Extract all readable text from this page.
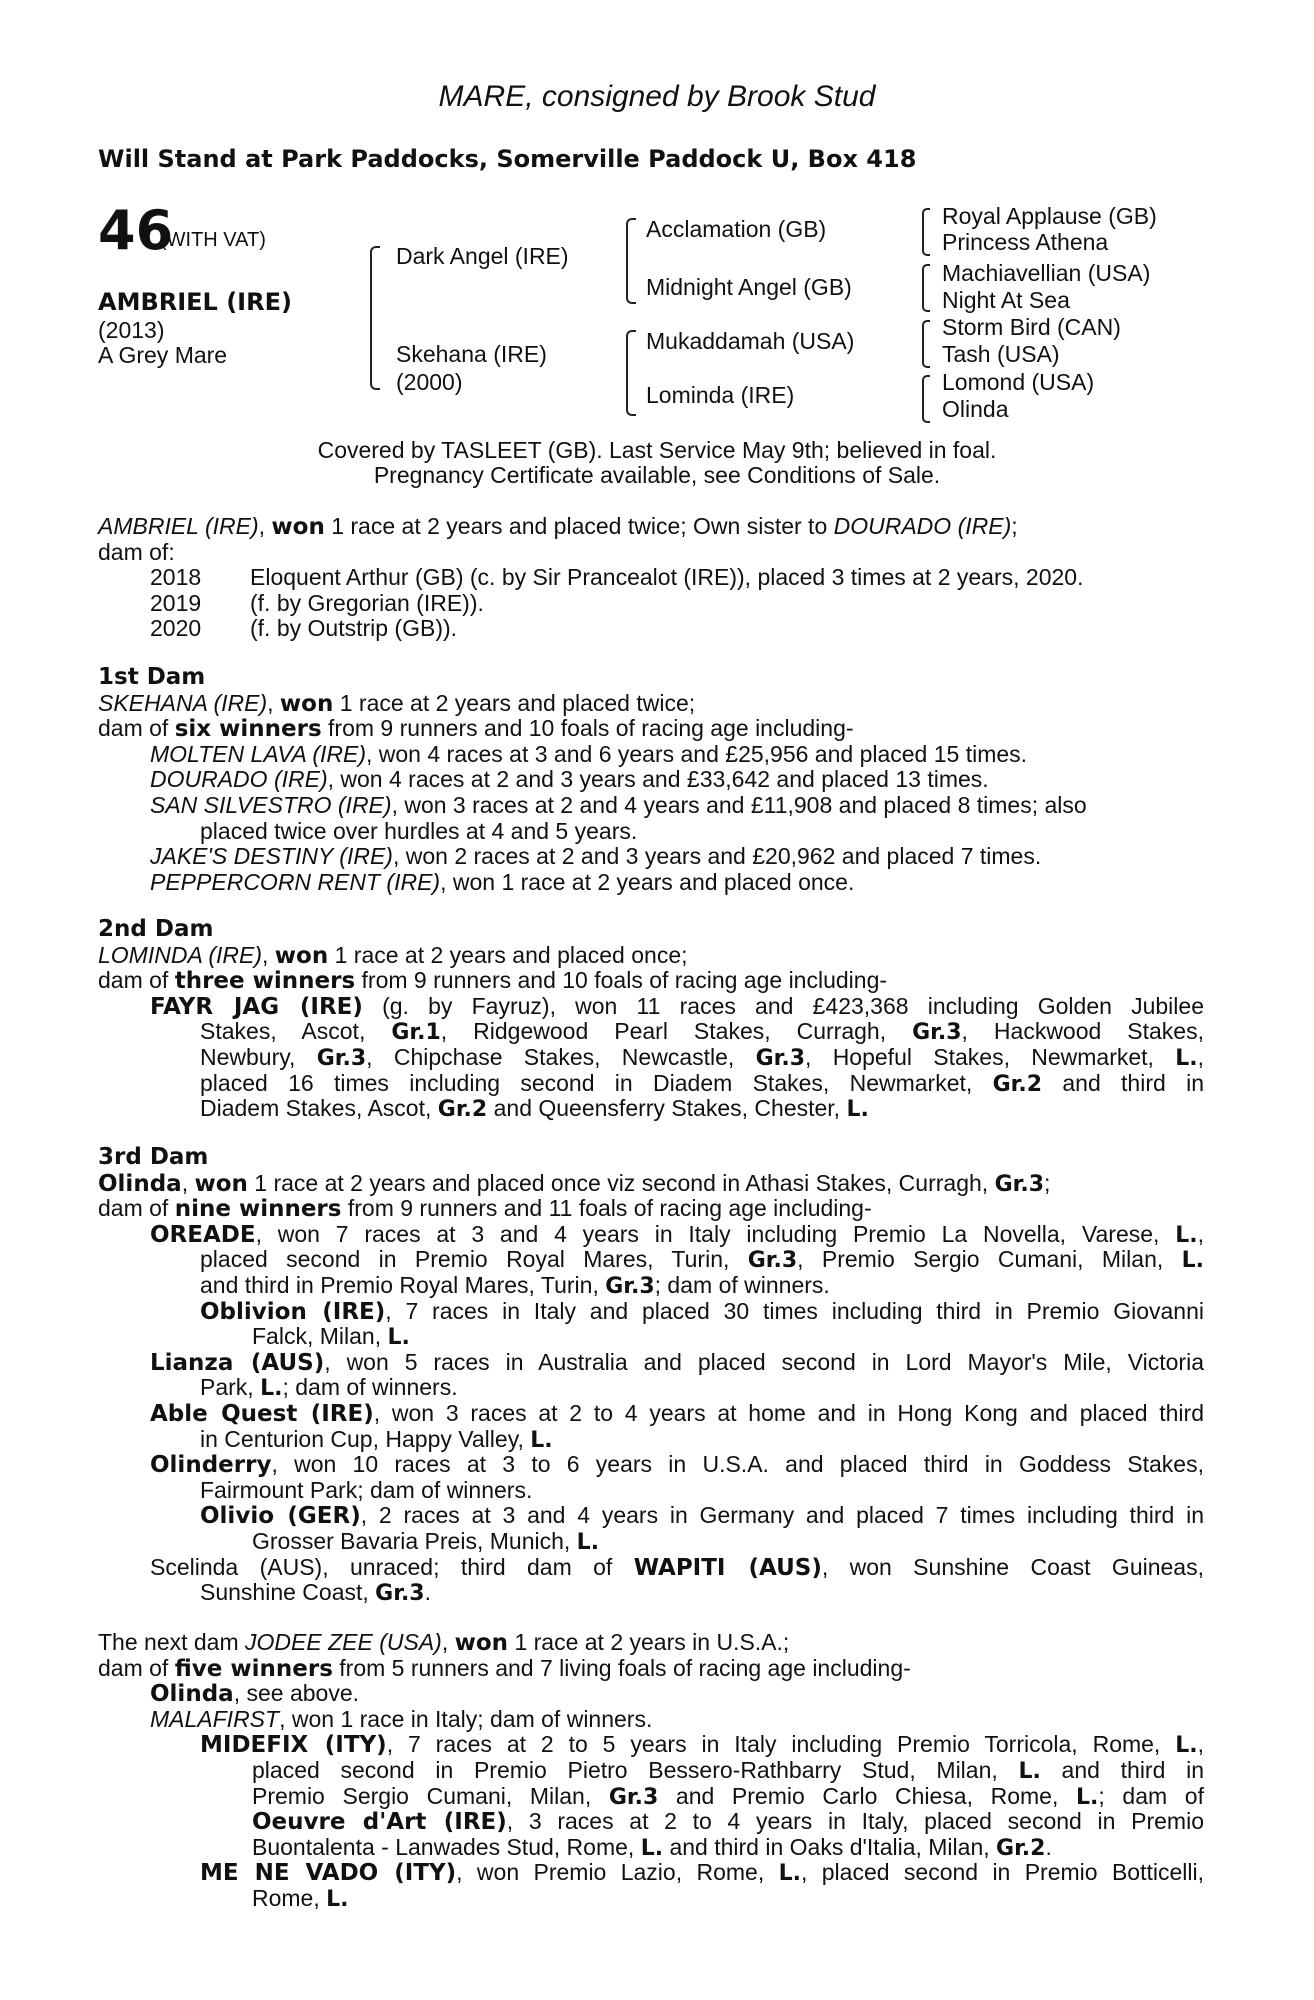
MARE, consigned by Brook Stud
Will Stand at Park Paddocks, Somerville Paddock U, Box 418
46
(WITH VAT)
AMBRIEL (IRE)
(2013)
A Grey Mare
Dark Angel (IRE)
Skehana (IRE)
(2000)
Acclamation (GB)
Midnight Angel (GB)
Mukaddamah (USA)
Lominda (IRE)
Royal Applause (GB)
Princess Athena
Machiavellian (USA)
Night At Sea
Storm Bird (CAN)
Tash (USA)
Lomond (USA)
Olinda
Covered by TASLEET (GB). Last Service May 9th; believed in foal.
Pregnancy Certificate available, see Conditions of Sale.
AMBRIEL (IRE), won 1 race at 2 years and placed twice; Own sister to DOURADO (IRE);
dam of:
2018 Eloquent Arthur (GB) (c. by Sir Prancealot (IRE)), placed 3 times at 2 years, 2020.
2019 (f. by Gregorian (IRE)).
2020 (f. by Outstrip (GB)).
1st Dam
SKEHANA (IRE), won 1 race at 2 years and placed twice;
dam of six winners from 9 runners and 10 foals of racing age including-
MOLTEN LAVA (IRE), won 4 races at 3 and 6 years and £25,956 and placed 15 times.
DOURADO (IRE), won 4 races at 2 and 3 years and £33,642 and placed 13 times.
SAN SILVESTRO (IRE), won 3 races at 2 and 4 years and £11,908 and placed 8 times; also
placed twice over hurdles at 4 and 5 years.
JAKE'S DESTINY (IRE), won 2 races at 2 and 3 years and £20,962 and placed 7 times.
PEPPERCORN RENT (IRE), won 1 race at 2 years and placed once.
2nd Dam
LOMINDA (IRE), won 1 race at 2 years and placed once;
dam of three winners from 9 runners and 10 foals of racing age including-
FAYR JAG (IRE) (g. by Fayruz), won 11 races and £423,368 including Golden Jubilee
Stakes, Ascot, Gr.1, Ridgewood Pearl Stakes, Curragh, Gr.3, Hackwood Stakes,
Newbury, Gr.3, Chipchase Stakes, Newcastle, Gr.3, Hopeful Stakes, Newmarket, L.,
placed 16 times including second in Diadem Stakes, Newmarket, Gr.2 and third in
Diadem Stakes, Ascot, Gr.2 and Queensferry Stakes, Chester, L.
3rd Dam
Olinda, won 1 race at 2 years and placed once viz second in Athasi Stakes, Curragh, Gr.3;
dam of nine winners from 9 runners and 11 foals of racing age including-
OREADE, won 7 races at 3 and 4 years in Italy including Premio La Novella, Varese, L.,
placed second in Premio Royal Mares, Turin, Gr.3, Premio Sergio Cumani, Milan, L.
and third in Premio Royal Mares, Turin, Gr.3; dam of winners.
Oblivion (IRE), 7 races in Italy and placed 30 times including third in Premio Giovanni
Falck, Milan, L.
Lianza (AUS), won 5 races in Australia and placed second in Lord Mayor's Mile, Victoria
Park, L.; dam of winners.
Able Quest (IRE), won 3 races at 2 to 4 years at home and in Hong Kong and placed third
in Centurion Cup, Happy Valley, L.
Olinderry, won 10 races at 3 to 6 years in U.S.A. and placed third in Goddess Stakes,
Fairmount Park; dam of winners.
Olivio (GER), 2 races at 3 and 4 years in Germany and placed 7 times including third in
Grosser Bavaria Preis, Munich, L.
Scelinda (AUS), unraced; third dam of WAPITI (AUS), won Sunshine Coast Guineas,
Sunshine Coast, Gr.3.
The next dam JODEE ZEE (USA), won 1 race at 2 years in U.S.A.;
dam of five winners from 5 runners and 7 living foals of racing age including-
Olinda, see above.
MALAFIRST, won 1 race in Italy; dam of winners.
MIDEFIX (ITY), 7 races at 2 to 5 years in Italy including Premio Torricola, Rome, L.,
placed second in Premio Pietro Bessero-Rathbarry Stud, Milan, L. and third in
Premio Sergio Cumani, Milan, Gr.3 and Premio Carlo Chiesa, Rome, L.; dam of
Oeuvre d'Art (IRE), 3 races at 2 to 4 years in Italy, placed second in Premio
Buontalenta - Lanwades Stud, Rome, L. and third in Oaks d'Italia, Milan, Gr.2.
ME NE VADO (ITY), won Premio Lazio, Rome, L., placed second in Premio Botticelli,
Rome, L.
